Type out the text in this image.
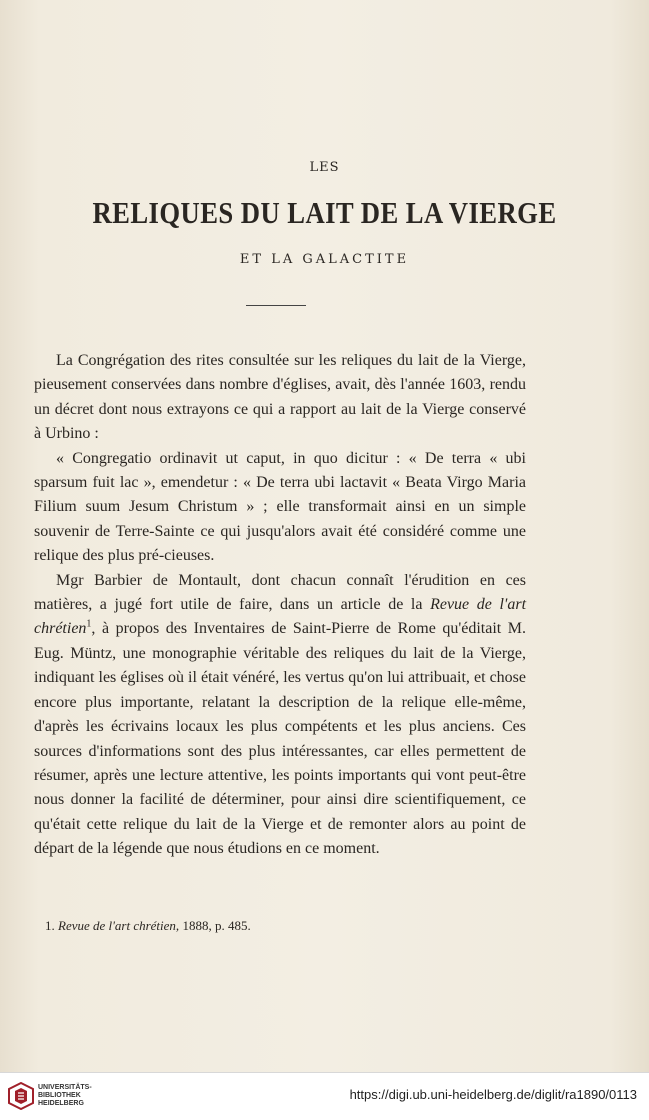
LES
RELIQUES DU LAIT DE LA VIERGE
ET LA GALACTITE

La Congrégation des rites consultée sur les reliques du lait de la Vierge, pieusement conservées dans nombre d'églises, avait, dès l'année 1603, rendu un décret dont nous extrayons ce qui a rapport au lait de la Vierge conservé à Urbino :

« Congregatio ordinavit ut caput, in quo dicitur : « De terra « ubi sparsum fuit lac », emendetur : « De terra ubi lactavit « Beata Virgo Maria Filium suum Jesum Christum » ; elle transformait ainsi en un simple souvenir de Terre-Sainte ce qui jusqu'alors avait été considéré comme une relique des plus pré-cieuses.

Mgr Barbier de Montault, dont chacun connaît l'érudition en ces matières, a jugé fort utile de faire, dans un article de la Revue de l'art chrétien$^1$, à propos des Inventaires de Saint-Pierre de Rome qu'éditait M. Eug. Müntz, une monographie véritable des reliques du lait de la Vierge, indiquant les églises où il était vénéré, les vertus qu'on lui attribuait, et chose encore plus importante, relatant la description de la relique elle-même, d'après les écrivains locaux les plus compétents et les plus anciens. Ces sources d'informations sont des plus intéressantes, car elles permettent de résumer, après une lecture attentive, les points importants qui vont peut-être nous donner la facilité de déterminer, pour ainsi dire scientifiquement, ce qu'était cette relique du lait de la Vierge et de remonter alors au point de départ de la légende que nous étudions en ce moment.

1. Revue de l'art chrétien, 1888, p. 485.
UNIVERSITÄTS-
BIBLIOTHEK
HEIDELBERG
https://digi.ub.uni-heidelberg.de/diglit/ra1890/0113
